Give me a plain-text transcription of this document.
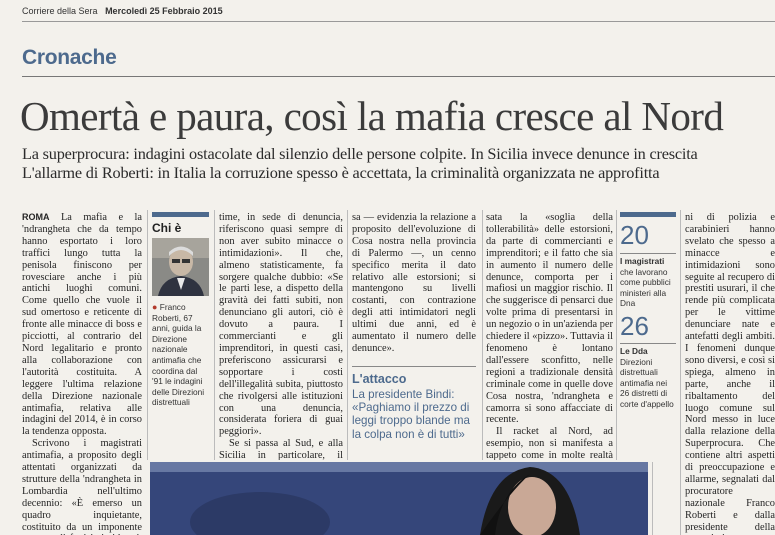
Corriere della Sera Mercoledì 25 Febbraio 2015
Cronache
Omertà e paura, così la mafia cresce al Nord
La superprocura: indagini ostacolate dal silenzio delle persone colpite. In Sicilia invece denunce in crescita
L'allarme di Roberti: in Italia la corruzione spesso è accettata, la criminalità organizzata ne approfitta

ROMA La mafia e la 'ndrangheta che da tempo hanno esportato i loro traffici lungo tutta la penisola finiscono per rovesciare anche i più antichi luoghi comuni. Come quello che vuole il sud omertoso e reticente di fronte alle minacce di boss e picciotti, al contrario del Nord legalitario e pronto alla collaborazione con l'autorità costituita. A leggere l'ultima relazione della Direzione nazionale antimafia, relativa alle indagini del 2014, è in corso la tendenza opposta.

Scrivono i magistrati antimafia, a proposito degli attentati organizzati da strutture della 'ndrangheta in Lombardia nell'ultimo decennio: «È emerso un quadro inquietante, costituito da un imponente

Chi è
● Franco Roberti, 67 anni, guida la Direzione nazionale antimafia che coordina dal '91 le indagini delle Direzioni distrettuali

time, in sede di denuncia, riferiscono quasi sempre di non aver subito minacce o intimidazioni». Il che, almeno statisticamente, fa sorgere qualche dubbio: «Se le parti lese, a dispetto della gravità dei fatti subiti, non denunciano gli autori, ciò è dovuto a paura. I commercianti e gli imprenditori, in questi casi, preferiscono assicurarsi e sopportare i costi dell'illegalità subita, piuttosto che rivolgersi alle istituzioni con una denuncia, considerata foriera di guai peggiori».

Se si passa al Sud, e alla Sicilia in particolare, il

sa — evidenzia la relazione a proposito dell'evoluzione di Cosa nostra nella provincia di Palermo —, un cenno specifico merita il dato relativo alle estorsioni; si mantengono su livelli costanti, con contrazione degli atti intimidatori negli ultimi due anni, ed è aumentato il numero delle denunce».

L'attacco
La presidente Bindi: «Paghiamo il prezzo di leggi troppo blande ma la colpa non è di tutti»

sata la «soglia della tollerabilità» delle estorsioni, da parte di commercianti e imprenditori; e il fatto che sia in aumento il numero delle denunce, comporta per i mafiosi un maggior rischio. Il che suggerisce di pensarci due volte prima di presentarsi in un negozio o in un'azienda per chiedere il «pizzo». Tuttavia il fenomeno è lontano dall'essere sconfitto, nelle regioni a tradizionale densità criminale come in quelle dove Cosa nostra, 'ndrangheta e camorra si sono affacciate di recente.

Il racket al Nord, ad esempio, non si manifesta a tappeto come in molte realtà

20
I magistrati
che lavorano come pubblici ministeri alla Dna
26
Le Dda
Direzioni distrettuali antimafia nei 26 distretti di corte d'appello

ni di polizia e carabinieri hanno svelato che spesso a minacce e intimidazioni sono seguite al recupero di prestiti usurari, il che rende più complicata per le vittime denunciare nate e antefatti degli ambiti. I fenomeni dunque sono diversi, e così si spiega, almeno in parte, anche il ribaltamento del luogo comune sul Nord messo in luce dalla relazione della Superprocura. Che contiene altri aspetti di preoccupazione e allarme, segnalati dal procuratore nazionale Franco Roberti e dalla presidente della
